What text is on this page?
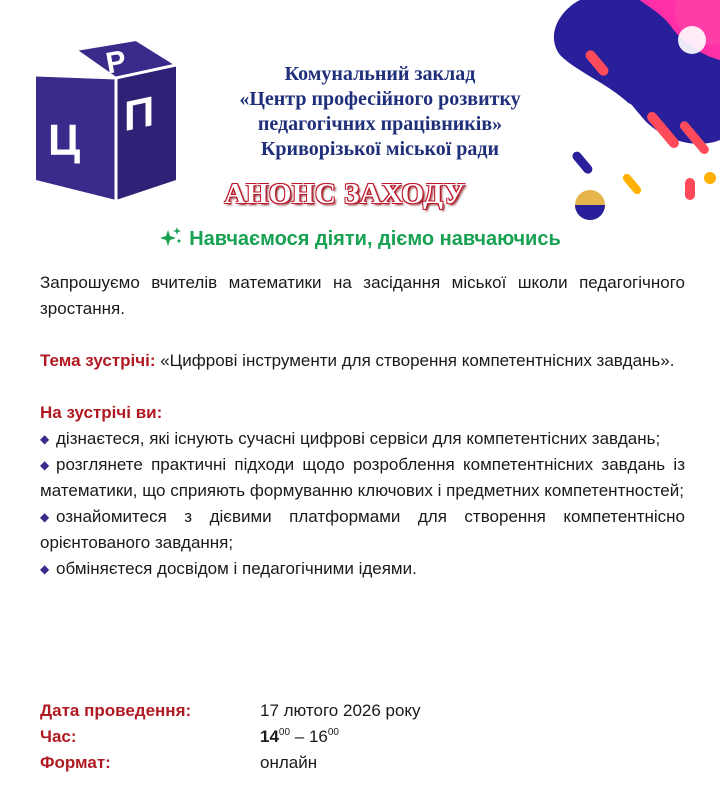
Р
Ц
П
Комунальний заклад
«Центр професійного розвитку
педагогічних працівників»
Криворізької міської ради
АНОНС ЗАХОДУ
Навчаємося діяти, діємо навчаючись

Запрошуємо вчителів математики на засідання міської школи педагогічного зростання.

Тема зустрічі: «Цифрові інструменти для створення компетентнісних завдань».

На зустрічі ви:

◆ дізнаєтеся, які існують сучасні цифрові сервіси для компетентісних завдань;

◆ розглянете практичні підходи щодо розроблення компетентнісних завдань із математики, що сприяють формуванню ключових і предметних компетентностей;

◆ ознайомитеся з дієвими платформами для створення компетентнісно орієнтованого завдання;

◆ обміняєтеся досвідом і педагогічними ідеями.

Дата проведення:	17 лютого 2026 року
Час:	$14^{00} - 16^{00}$
Формат:	онлайн
